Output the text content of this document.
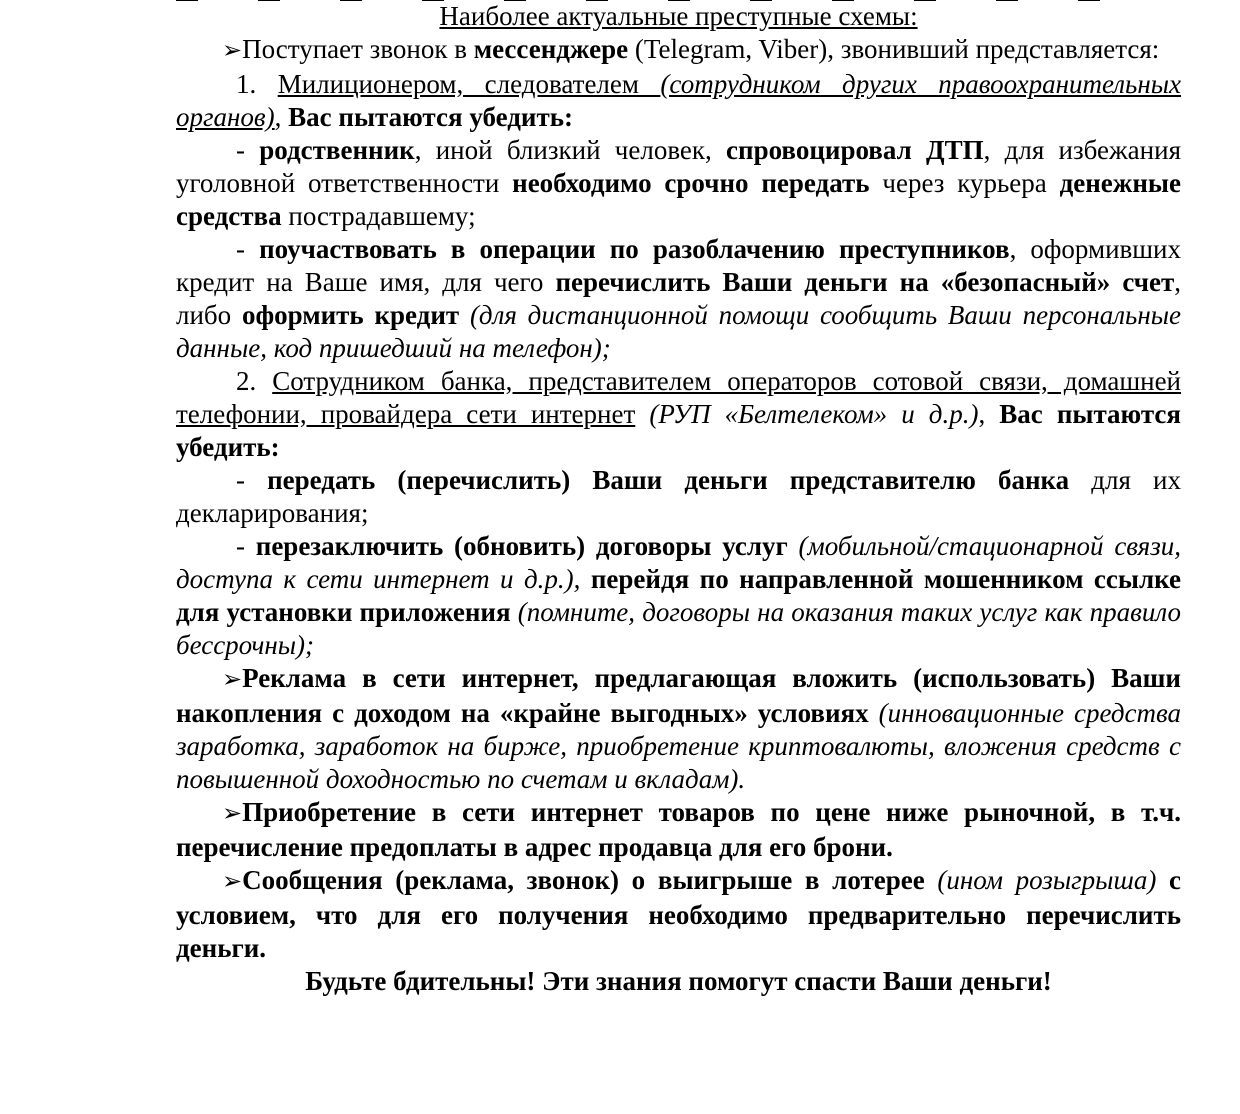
Наиболее актуальные преступные схемы:

➢Поступает звонок в мессенджере (Telegram, Viber), звонивший представляется:

1. Милиционером, следователем (сотрудником других правоохранительных органов), Вас пытаются убедить:

- родственник, иной близкий человек, спровоцировал ДТП, для избежания уголовной ответственности необходимо срочно передать через курьера денежные средства пострадавшему;

- поучаствовать в операции по разоблачению преступников, оформивших кредит на Ваше имя, для чего перечислить Ваши деньги на «безопасный» счет, либо оформить кредит (для дистанционной помощи сообщить Ваши персональные данные, код пришедший на телефон);

2. Сотрудником банка, представителем операторов сотовой связи, домашней телефонии, провайдера сети интернет (РУП «Белтелеком» и д.р.), Вас пытаются убедить:

- передать (перечислить) Ваши деньги представителю банка для их декларирования;

- перезаключить (обновить) договоры услуг (мобильной/стационарной связи, доступа к сети интернет и д.р.), перейдя по направленной мошенником ссылке для установки приложения (помните, договоры на оказания таких услуг как правило бессрочны);

➢Реклама в сети интернет, предлагающая вложить (использовать) Ваши накопления с доходом на «крайне выгодных» условиях (инновационные средства заработка, заработок на бирже, приобретение криптовалюты, вложения средств с повышенной доходностью по счетам и вкладам).

➢Приобретение в сети интернет товаров по цене ниже рыночной, в т.ч. перечисление предоплаты в адрес продавца для его брони.

➢Сообщения (реклама, звонок) о выигрыше в лотерее (ином розыгрыша) с условием, что для его получения необходимо предварительно перечислить деньги.

Будьте бдительны! Эти знания помогут спасти Ваши деньги!
